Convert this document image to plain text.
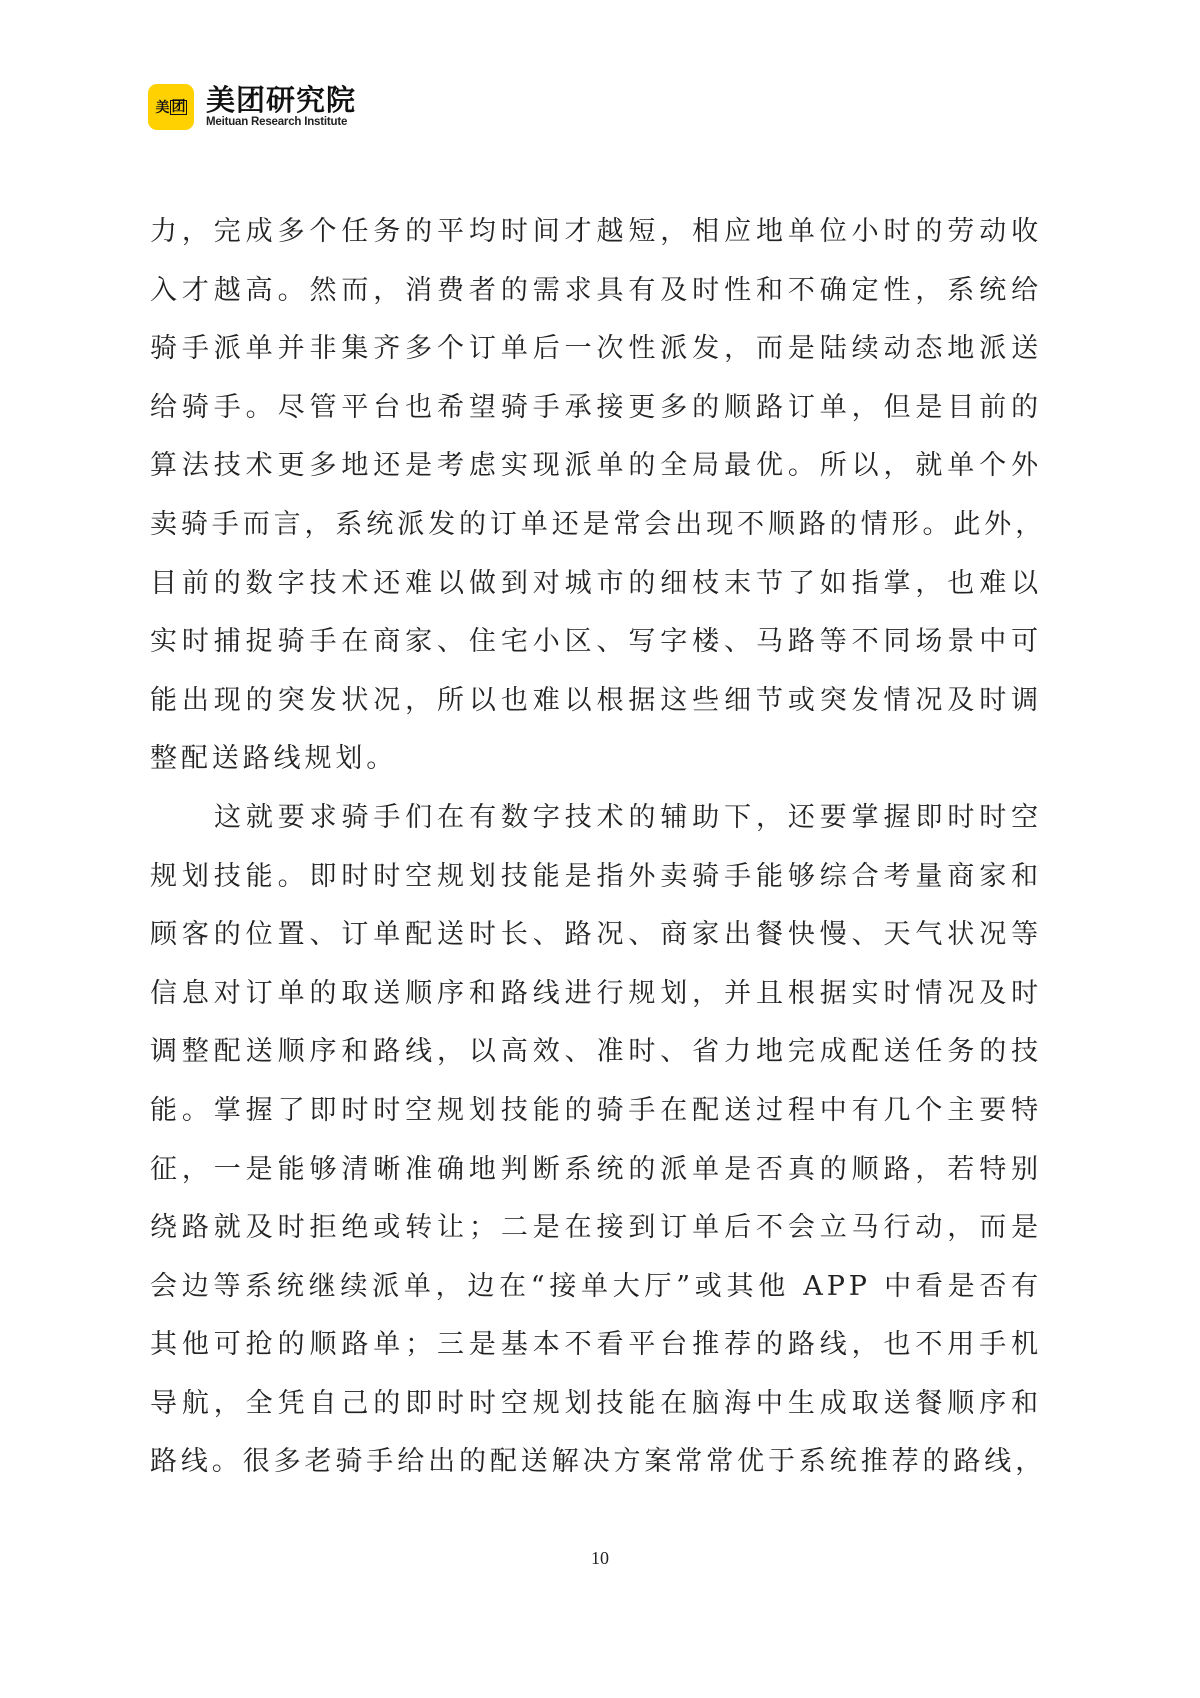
美 团 美团研究院
Meituan Research Institute
力，完成多个任务的平均时间才越短，相应地单位小时的劳动收
入才越高。然而，消费者的需求具有及时性和不确定性，系统给
骑手派单并非集齐多个订单后一次性派发，而是陆续动态地派送
给骑手。尽管平台也希望骑手承接更多的顺路订单，但是目前的
算法技术更多地还是考虑实现派单的全局最优。所以，就单个外
卖骑手而言，系统派发的订单还是常会出现不顺路的情形。此外，
目前的数字技术还难以做到对城市的细枝末节了如指掌，也难以
实时捕捉骑手在商家、住宅小区、写字楼、马路等不同场景中可
能出现的突发状况，所以也难以根据这些细节或突发情况及时调
整配送路线规划。
这就要求骑手们在有数字技术的辅助下，还要掌握即时时空
规划技能。即时时空规划技能是指外卖骑手能够综合考量商家和
顾客的位置、订单配送时长、路况、商家出餐快慢、天气状况等
信息对订单的取送顺序和路线进行规划，并且根据实时情况及时
调整配送顺序和路线，以高效、准时、省力地完成配送任务的技
能。掌握了即时时空规划技能的骑手在配送过程中有几个主要特
征，一是能够清晰准确地判断系统的派单是否真的顺路，若特别
绕路就及时拒绝或转让；二是在接到订单后不会立马行动，而是
会边等系统继续派单，边在“接单大厅”或其他 APP 中看是否有
其他可抢的顺路单；三是基本不看平台推荐的路线，也不用手机
导航，全凭自己的即时时空规划技能在脑海中生成取送餐顺序和
路线。很多老骑手给出的配送解决方案常常优于系统推荐的路线，
10
